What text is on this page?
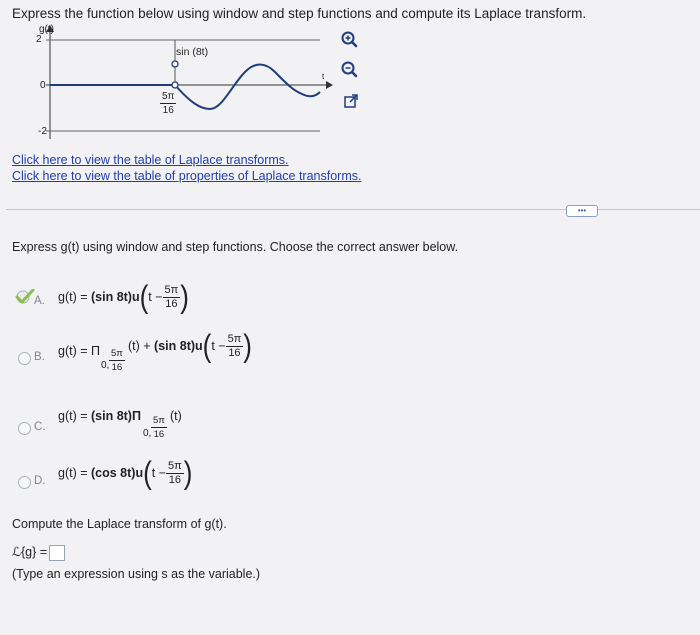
Express the function below using window and step functions and compute its Laplace transform.
g(t)
2
0
-2
sin (8t)
t
$\frac{5\pi}{16}$
Click here to view the table of Laplace transforms.
Click here to view the table of properties of Laplace transforms.
•••
Express g(t) using window and step functions. Choose the correct answer below.
A. g(t) = (sin $8t)u(t - \frac{5\pi}{16}$ )
B. g(t) = Π
0, $\frac{5\pi}{16}$
(t) + (sin $8t)u(t - \frac{5\pi}{16}$ )
C.
g(t) = (sin 8t)Π
0, $\frac{5\pi}{16} (t)$
D.
g(t) = (cos $8t)u(t - \frac{5\pi}{16}$ )
Compute the Laplace transform of g(t).
ℒ{g} =
(Type an expression using s as the variable.)
